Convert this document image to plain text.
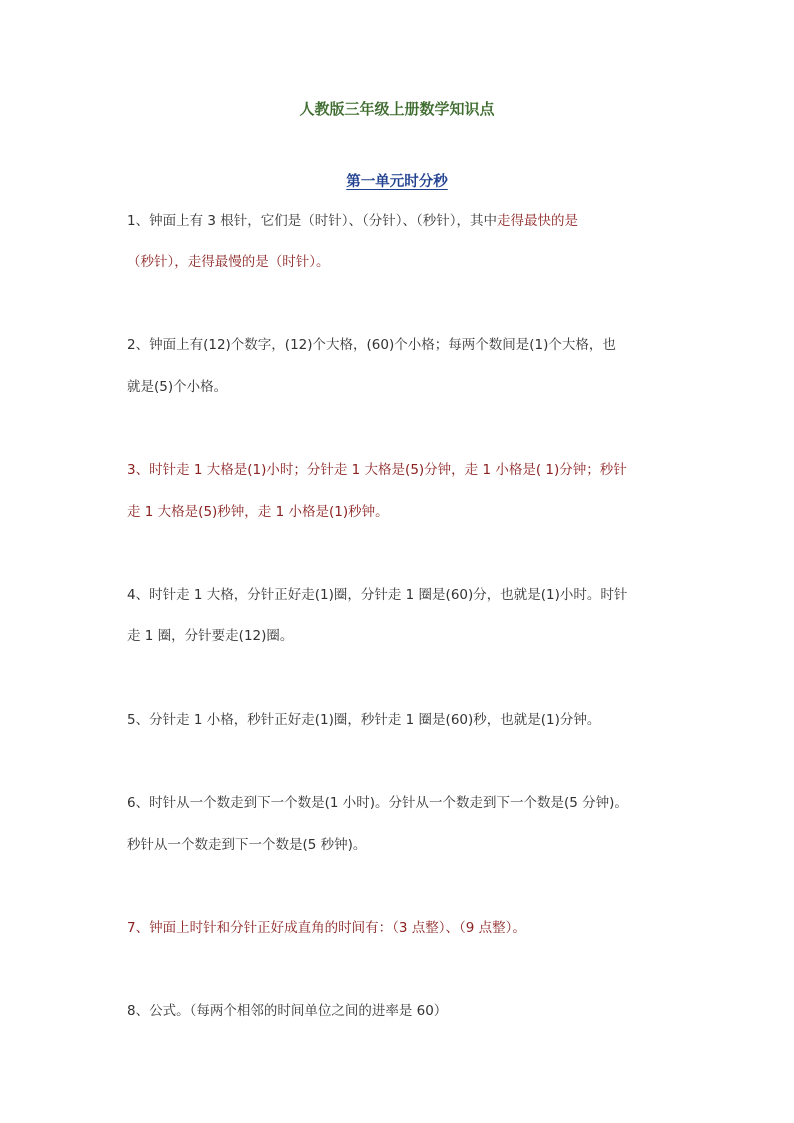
人教版三年级上册数学知识点
第一单元时分秒
1、钟面上有 3 根针，它们是（时针）、（分针）、（秒针），其中走得最快的是
（秒针），走得最慢的是（时针）。
2、钟面上有(12)个数字，(12)个大格，(60)个小格；每两个数间是(1)个大格，也
就是(5)个小格。
3、时针走 1 大格是(1)小时；分针走 1 大格是(5)分钟，走 1 小格是( 1)分钟；秒针
走 1 大格是(5)秒钟，走 1 小格是(1)秒钟。
4、时针走 1 大格，分针正好走(1)圈，分针走 1 圈是(60)分，也就是(1)小时。时针
走 1 圈，分针要走(12)圈。
5、分针走 1 小格，秒针正好走(1)圈，秒针走 1 圈是(60)秒，也就是(1)分钟。
6、时针从一个数走到下一个数是(1 小时)。分针从一个数走到下一个数是(5 分钟)。
秒针从一个数走到下一个数是(5 秒钟)。
7、钟面上时针和分针正好成直角的时间有：（3 点整）、（9 点整）。
8、公式。（每两个相邻的时间单位之间的进率是 60）
